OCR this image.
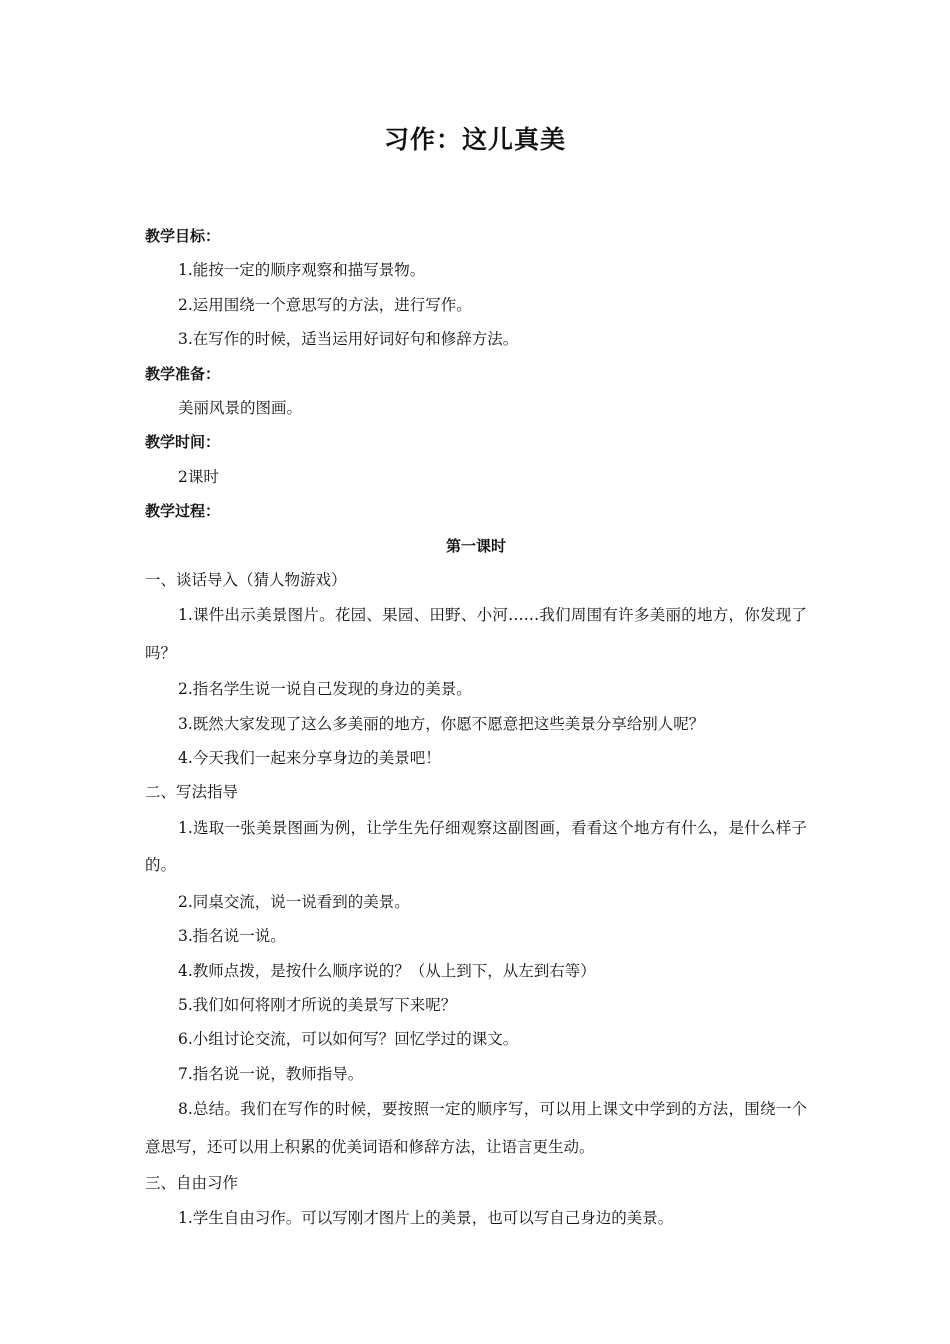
习作：这儿真美
教学目标：
1.能按一定的顺序观察和描写景物。
2.运用围绕一个意思写的方法，进行写作。
3.在写作的时候，适当运用好词好句和修辞方法。
教学准备：
美丽风景的图画。
教学时间：
2课时
教学过程：
第一课时
一、谈话导入（猜人物游戏）
1.课件出示美景图片。花园、果园、田野、小河……我们周围有许多美丽的地方，你发现了吗？
2.指名学生说一说自己发现的身边的美景。
3.既然大家发现了这么多美丽的地方，你愿不愿意把这些美景分享给别人呢？
4.今天我们一起来分享身边的美景吧！
二、写法指导
1.选取一张美景图画为例，让学生先仔细观察这副图画，看看这个地方有什么，是什么样子的。
2.同桌交流，说一说看到的美景。
3.指名说一说。
4.教师点拨，是按什么顺序说的？（从上到下，从左到右等）
5.我们如何将刚才所说的美景写下来呢？
6.小组讨论交流，可以如何写？回忆学过的课文。
7.指名说一说，教师指导。
8.总结。我们在写作的时候，要按照一定的顺序写，可以用上课文中学到的方法，围绕一个意思写，还可以用上积累的优美词语和修辞方法，让语言更生动。
三、自由习作
1.学生自由习作。可以写刚才图片上的美景，也可以写自己身边的美景。
